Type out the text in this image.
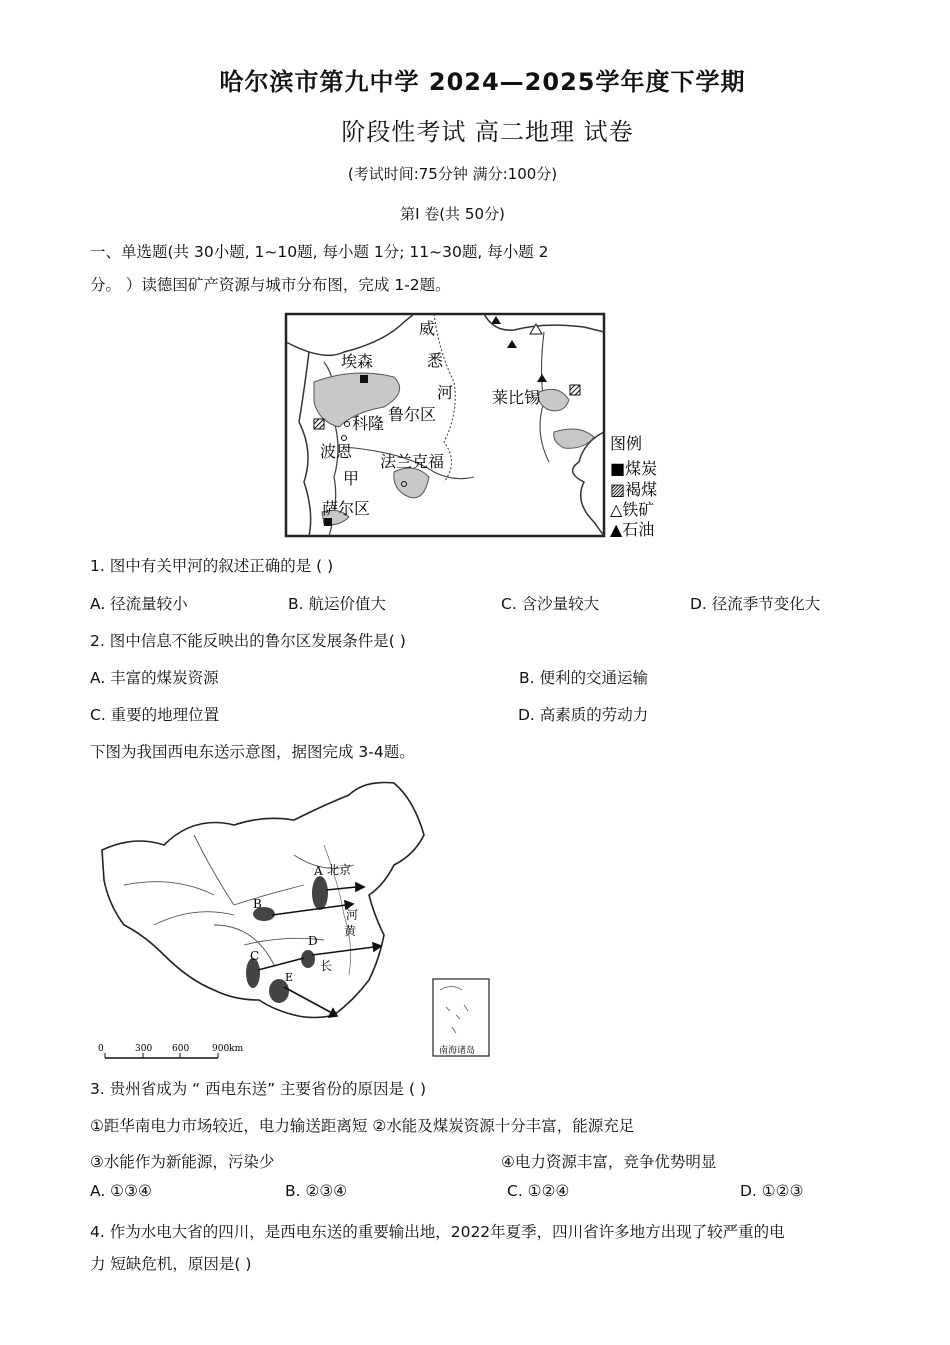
哈尔滨市第九中学 2024—2025学年度下学期
阶段性考试 高二地理 试卷
(考试时间:75分钟 满分:100分)
第Ⅰ 卷(共 50分)
一、单选题(共 30小题, 1~10题, 每小题 1分; 11~30题, 每小题 2
分。 ）读德国矿产资源与城市分布图，完成 1-2题。
威
悉
河
埃森
鲁尔区
科隆
莱比锡
波恩
甲
法兰克福
萨尔区
图例
■煤炭
▨褐煤
△铁矿
▲石油
1. 图中有关甲河的叙述正确的是 ( )
A. 径流量较小	B. 航运价值大	C. 含沙量较大	D. 径流季节变化大
2. 图中信息不能反映出的鲁尔区发展条件是( )
A. 丰富的煤炭资源	B. 便利的交通运输
C. 重要的地理位置	D. 高素质的劳动力
下图为我国西电东送示意图，据图完成 3-4题。
A 北京
B
河
C
D
黄
E
长
0	300 600	900km	南海诸岛
3. 贵州省成为 “ 西电东送” 主要省份的原因是 ( )
①距华南电力市场较近，电力输送距离短 ②水能及煤炭资源十分丰富，能源充足
③水能作为新能源，污染少	④电力资源丰富，竞争优势明显
A. ①③④	B. ②③④	C. ①②④	D. ①②③
4. 作为水电大省的四川，是西电东送的重要输出地，2022年夏季，四川省许多地方出现了较严重的电
力 短缺危机，原因是( )
